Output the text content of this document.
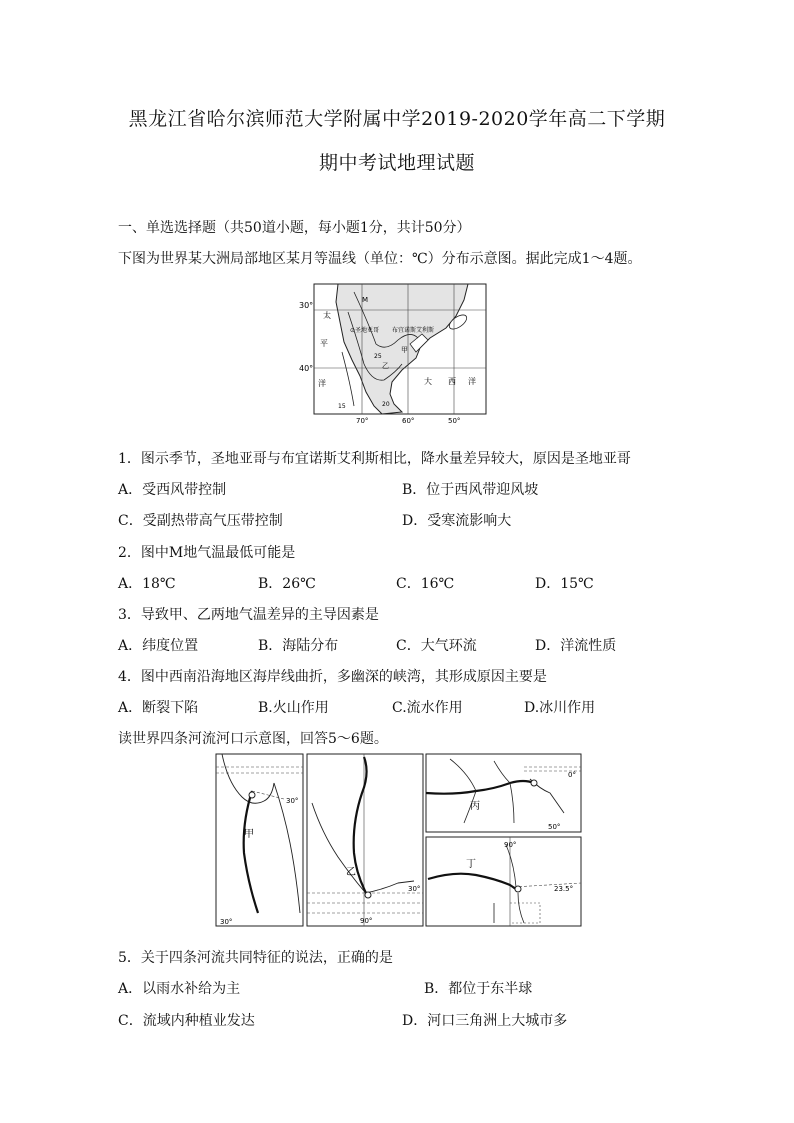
黑龙江省哈尔滨师范大学附属中学2019-2020学年高二下学期
期中考试地理试题
一、单选选择题（共50道小题，每小题1分，共计50分）
下图为世界某大洲局部地区某月等温线（单位：℃）分布示意图。据此完成1～4题。
30°
40°
70°	60°	50°
M
太
平
洋
⊙圣地亚哥 布宜诺斯艾利斯
甲
乙
大 西 洋
25
20
15
1．图示季节，圣地亚哥与布宜诺斯艾利斯相比，降水量差异较大，原因是圣地亚哥
A．受西风带控制	B．位于西风带迎风坡
C．受副热带高气压带控制	D．受寒流影响大
2．图中M地气温最低可能是
A．18℃	B．26℃	C．16℃	D．15℃
3．导致甲、乙两地气温差异的主导因素是
A．纬度位置	B．海陆分布	C．大气环流	D．洋流性质
4．图中西南沿海地区海岸线曲折，多幽深的峡湾，其形成原因主要是
A．断裂下陷	B.火山作用	C.流水作用	D.冰川作用
读世界四条河流河口示意图，回答5～6题。
30°
甲
30°
乙
30°
90°
丙
0°
50°
丁
90°
23.5°
5．关于四条河流共同特征的说法，正确的是
A．以雨水补给为主	B．都位于东半球
C．流域内种植业发达	D．河口三角洲上大城市多
